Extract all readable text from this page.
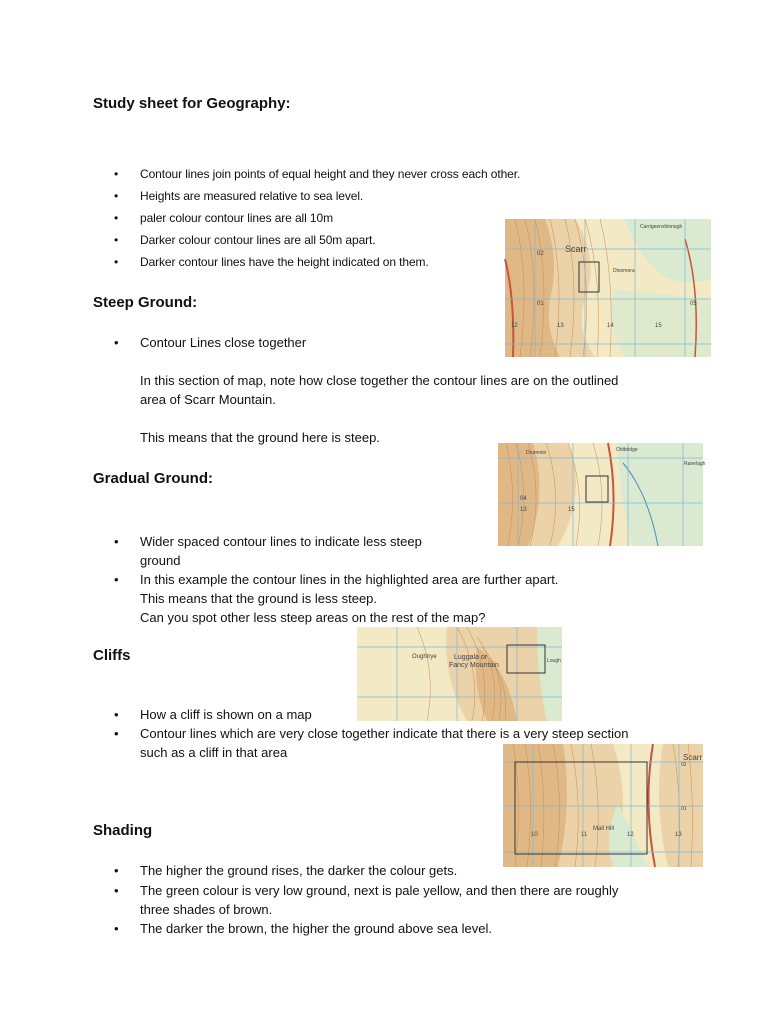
Study sheet for Geography:
•	Contour lines join points of equal height and they never cross each other.
•	Heights are measured relative to sea level.
•	paler colour contour lines are all 10m
•	Darker colour contour lines are all 50m apart.
•	Darker contour lines have the height indicated on them.
Steep Ground:
•	Contour Lines close together
In this section of map, note how close together the contour lines are on the outlined
area of Scarr Mountain.
This means that the ground here is steep.
Gradual Ground:
•	Wider spaced contour lines to indicate less steep
ground
•	In this example the contour lines in the highlighted area are further apart.
This means that the ground is less steep.
Can you spot other less steep areas on the rest of the map?
Cliffs
•	How a cliff is shown on a map
•	Contour lines which are very close together indicate that there is a very steep section
such as a cliff in that area
Shading
•	The higher the ground rises, the darker the colour gets.
•	The green colour is very low ground, next is pale yellow, and then there are roughly
three shades of brown.
•	The darker the brown, the higher the ground above sea level.
Scarr
Carrigeenshinnagh
Dloomera
02
01
12	13	14	15
05
Drummin	Oldbridge
Ranelagh
04
13	15
Oughtrye Luggala or
Fancy Mountain
Lough
Scarr
Mall Hill
02
01
10	11	12	13
